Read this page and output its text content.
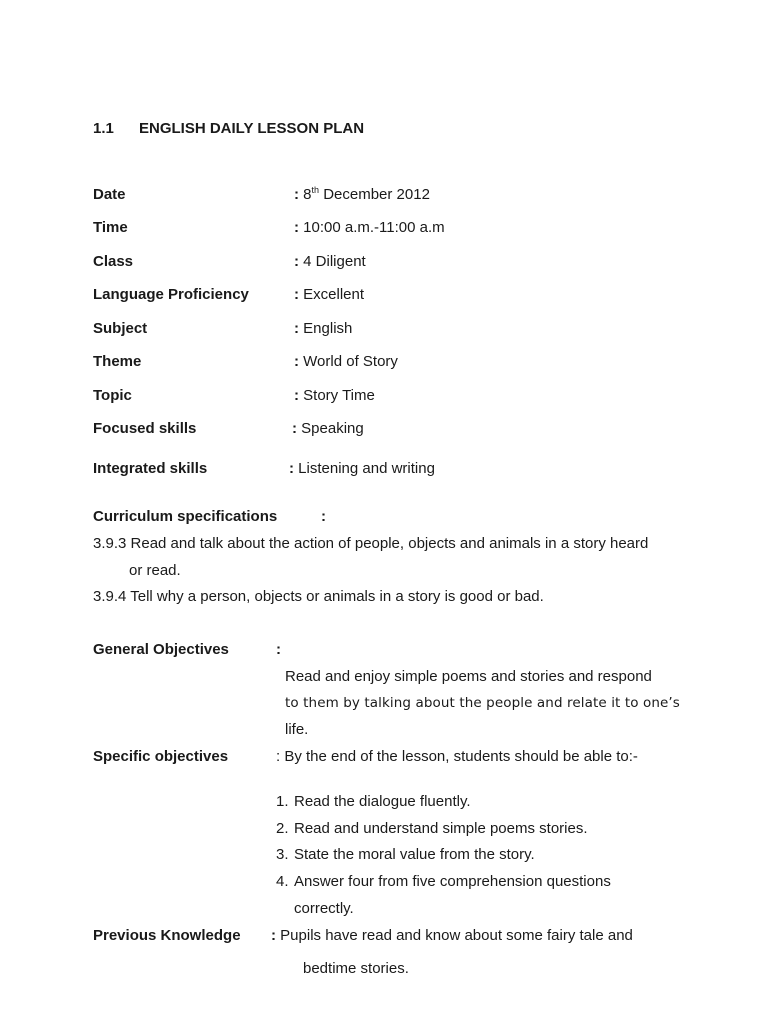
1.1 ENGLISH DAILY LESSON PLAN
Date	: 8th December 2012
Time	: 10:00 a.m.-11:00 a.m
Class	: 4 Diligent
Language Proficiency	: Excellent
Subject	: English
Theme	: World of Story
Topic	: Story Time
Focused skills	: Speaking
Integrated skills	: Listening and writing
Curriculum specifications	:
3.9.3 Read and talk about the action of people, objects and animals in a story heard
or read.
3.9.4 Tell why a person, objects or animals in a story is good or bad.
General Objectives	:
Read and enjoy simple poems and stories and respond
to them by talking about the people and relate it to one’s
life.
Specific objectives	: By the end of the lesson, students should be able to:-
1. Read the dialogue fluently.
2. Read and understand simple poems stories.
3. State the moral value from the story.
4. Answer four from five comprehension questions
correctly.
Previous Knowledge : Pupils have read and know about some fairy tale and
bedtime stories.
